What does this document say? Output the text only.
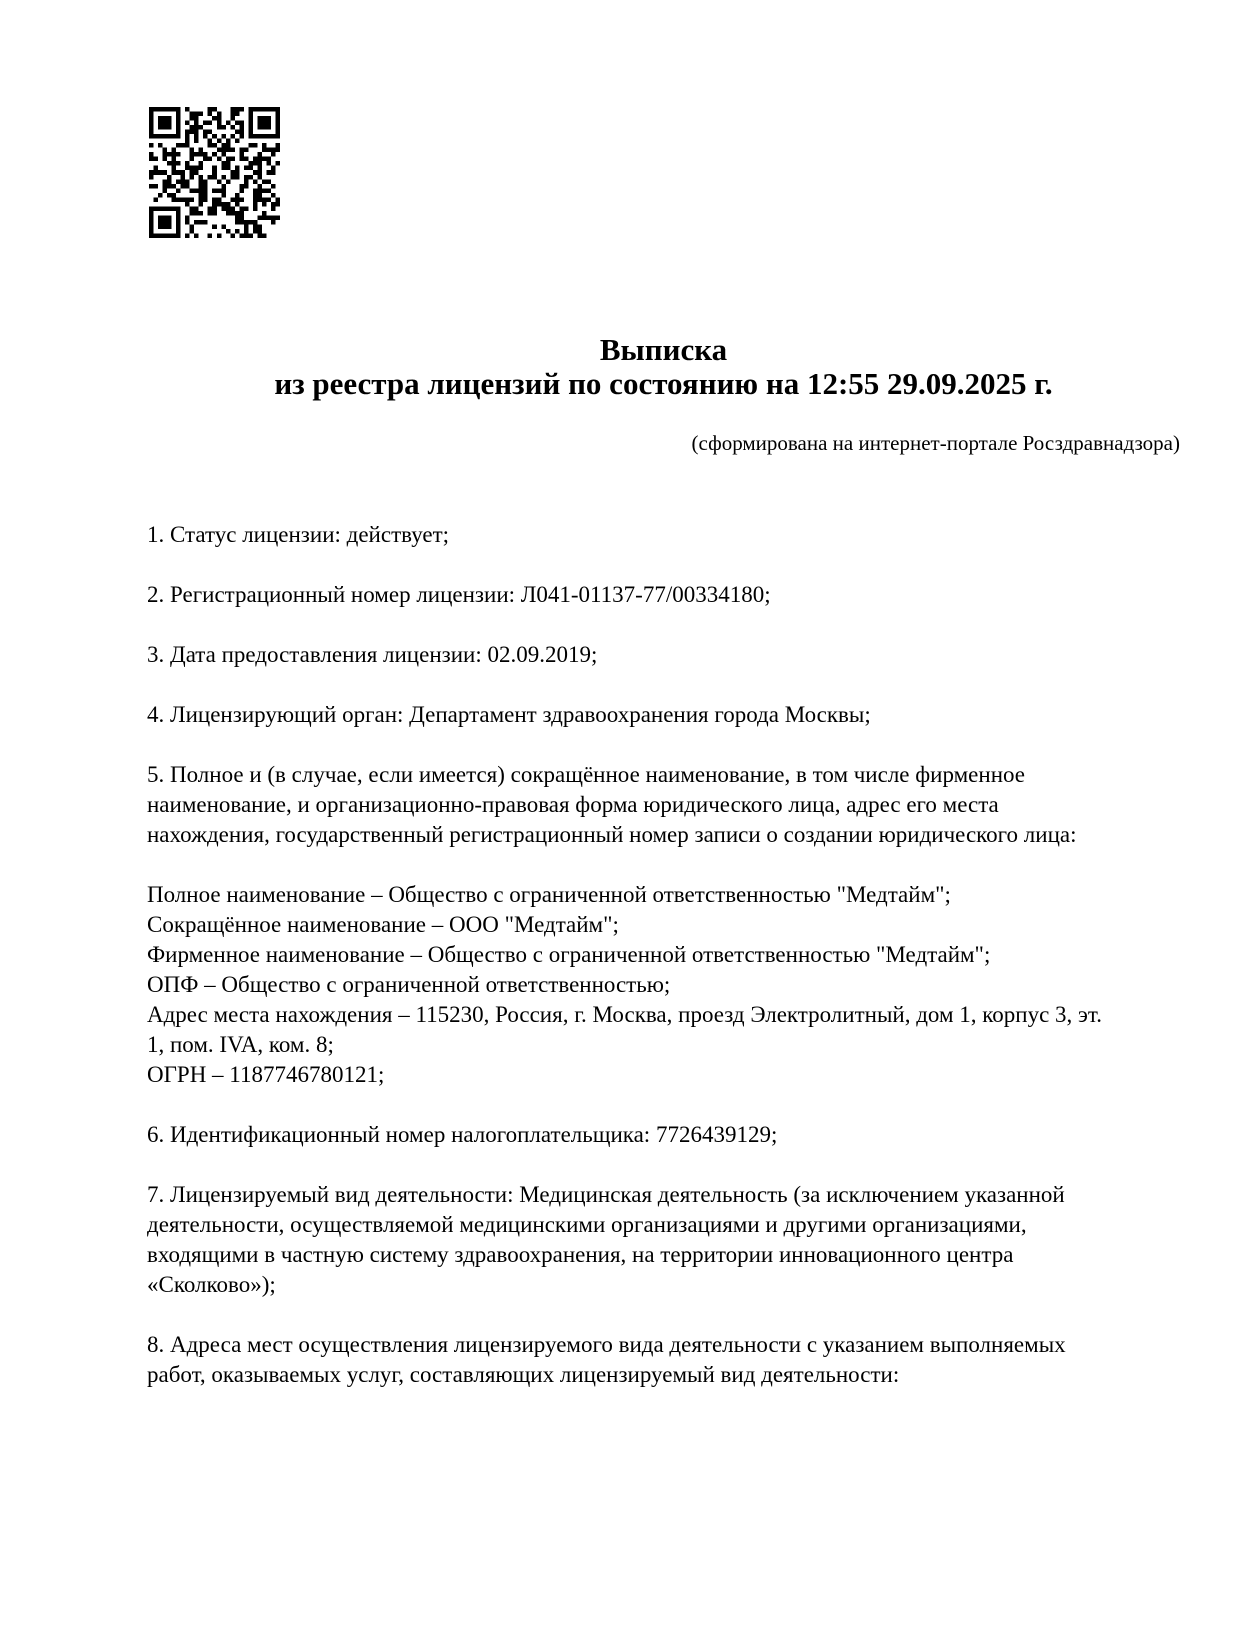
Выписка
из реестра лицензий по состоянию на 12:55 29.09.2025 г.
(сформирована на интернет-портале Росздравнадзора)
1. Статус лицензии: действует;
2. Регистрационный номер лицензии: Л041-01137-77/00334180;
3. Дата предоставления лицензии: 02.09.2019;
4. Лицензирующий орган: Департамент здравоохранения города Москвы;
5. Полное и (в случае, если имеется) сокращённое наименование, в том числе фирменное наименование, и организационно-правовая форма юридического лица, адрес его места нахождения, государственный регистрационный номер записи о создании юридического лица:
Полное наименование – Общество с ограниченной ответственностью "Медтайм";
Сокращённое наименование – ООО "Медтайм";
Фирменное наименование – Общество с ограниченной ответственностью "Медтайм";
ОПФ – Общество с ограниченной ответственностью;
Адрес места нахождения – 115230, Россия, г. Москва, проезд Электролитный, дом 1, корпус 3, эт. 1, пом. IVA, ком. 8;
ОГРН – 1187746780121;
6. Идентификационный номер налогоплательщика: 7726439129;
7. Лицензируемый вид деятельности: Медицинская деятельность (за исключением указанной деятельности, осуществляемой медицинскими организациями и другими организациями, входящими в частную систему здравоохранения, на территории инновационного центра «Сколково»);
8. Адреса мест осуществления лицензируемого вида деятельности с указанием выполняемых работ, оказываемых услуг, составляющих лицензируемый вид деятельности:
